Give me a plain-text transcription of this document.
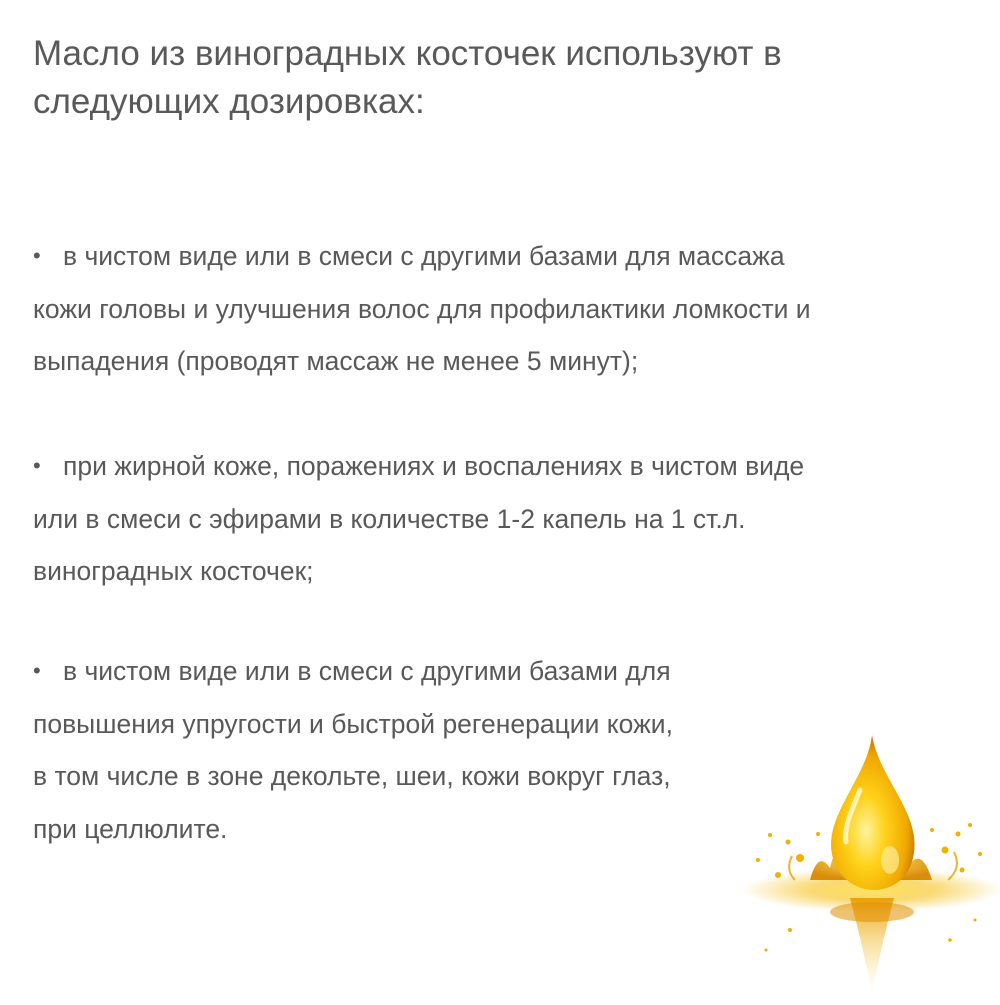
Масло из виноградных косточек используют в
следующих дозировках:
• в чистом виде или в смеси с другими базами для массажа
кожи головы и улучшения волос для профилактики ломкости и
выпадения (проводят массаж не менее 5 минут);
• при жирной коже, поражениях и воспалениях в чистом виде
или в смеси с эфирами в количестве 1-2 капель на 1 ст.л.
виноградных косточек;
• в чистом виде или в смеси с другими базами для
повышения упругости и быстрой регенерации кожи,
в том числе в зоне декольте, шеи, кожи вокруг глаз,
при целлюлите.
